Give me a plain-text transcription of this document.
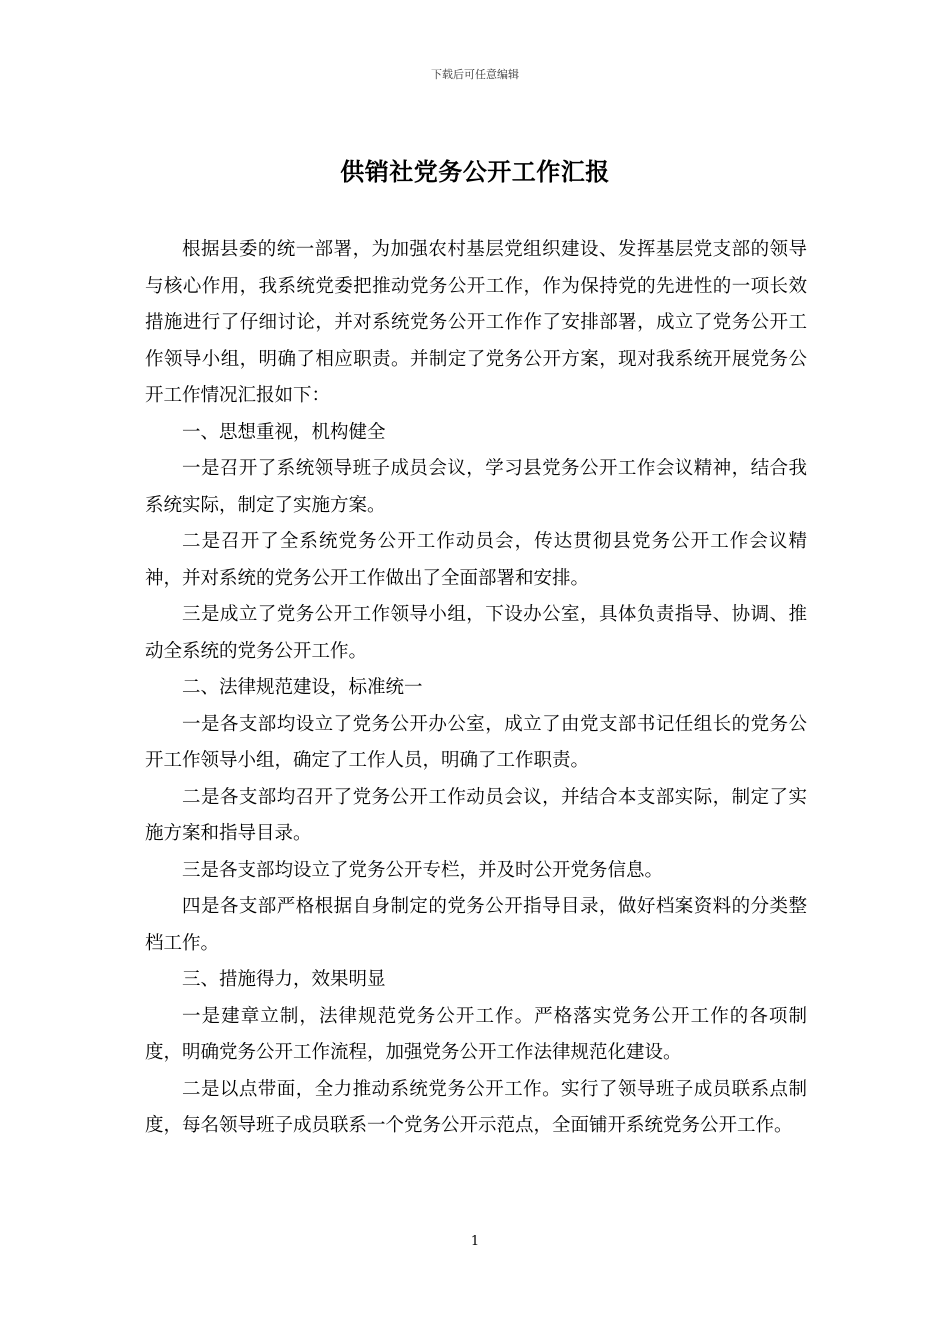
下载后可任意编辑
供销社党务公开工作汇报

根据县委的统一部署，为加强农村基层党组织建设、发挥基层党支部的领导与核心作用，我系统党委把推动党务公开工作，作为保持党的先进性的一项长效措施进行了仔细讨论，并对系统党务公开工作作了安排部署，成立了党务公开工作领导小组，明确了相应职责。并制定了党务公开方案，现对我系统开展党务公开工作情况汇报如下：

一、思想重视，机构健全

一是召开了系统领导班子成员会议，学习县党务公开工作会议精神，结合我系统实际，制定了实施方案。

二是召开了全系统党务公开工作动员会，传达贯彻县党务公开工作会议精神，并对系统的党务公开工作做出了全面部署和安排。

三是成立了党务公开工作领导小组，下设办公室，具体负责指导、协调、推动全系统的党务公开工作。

二、法律规范建设，标准统一

一是各支部均设立了党务公开办公室，成立了由党支部书记任组长的党务公开工作领导小组，确定了工作人员，明确了工作职责。

二是各支部均召开了党务公开工作动员会议，并结合本支部实际，制定了实施方案和指导目录。

三是各支部均设立了党务公开专栏，并及时公开党务信息。

四是各支部严格根据自身制定的党务公开指导目录，做好档案资料的分类整档工作。

三、措施得力，效果明显

一是建章立制，法律规范党务公开工作。严格落实党务公开工作的各项制度，明确党务公开工作流程，加强党务公开工作法律规范化建设。

二是以点带面，全力推动系统党务公开工作。实行了领导班子成员联系点制度，每名领导班子成员联系一个党务公开示范点，全面铺开系统党务公开工作。

1
